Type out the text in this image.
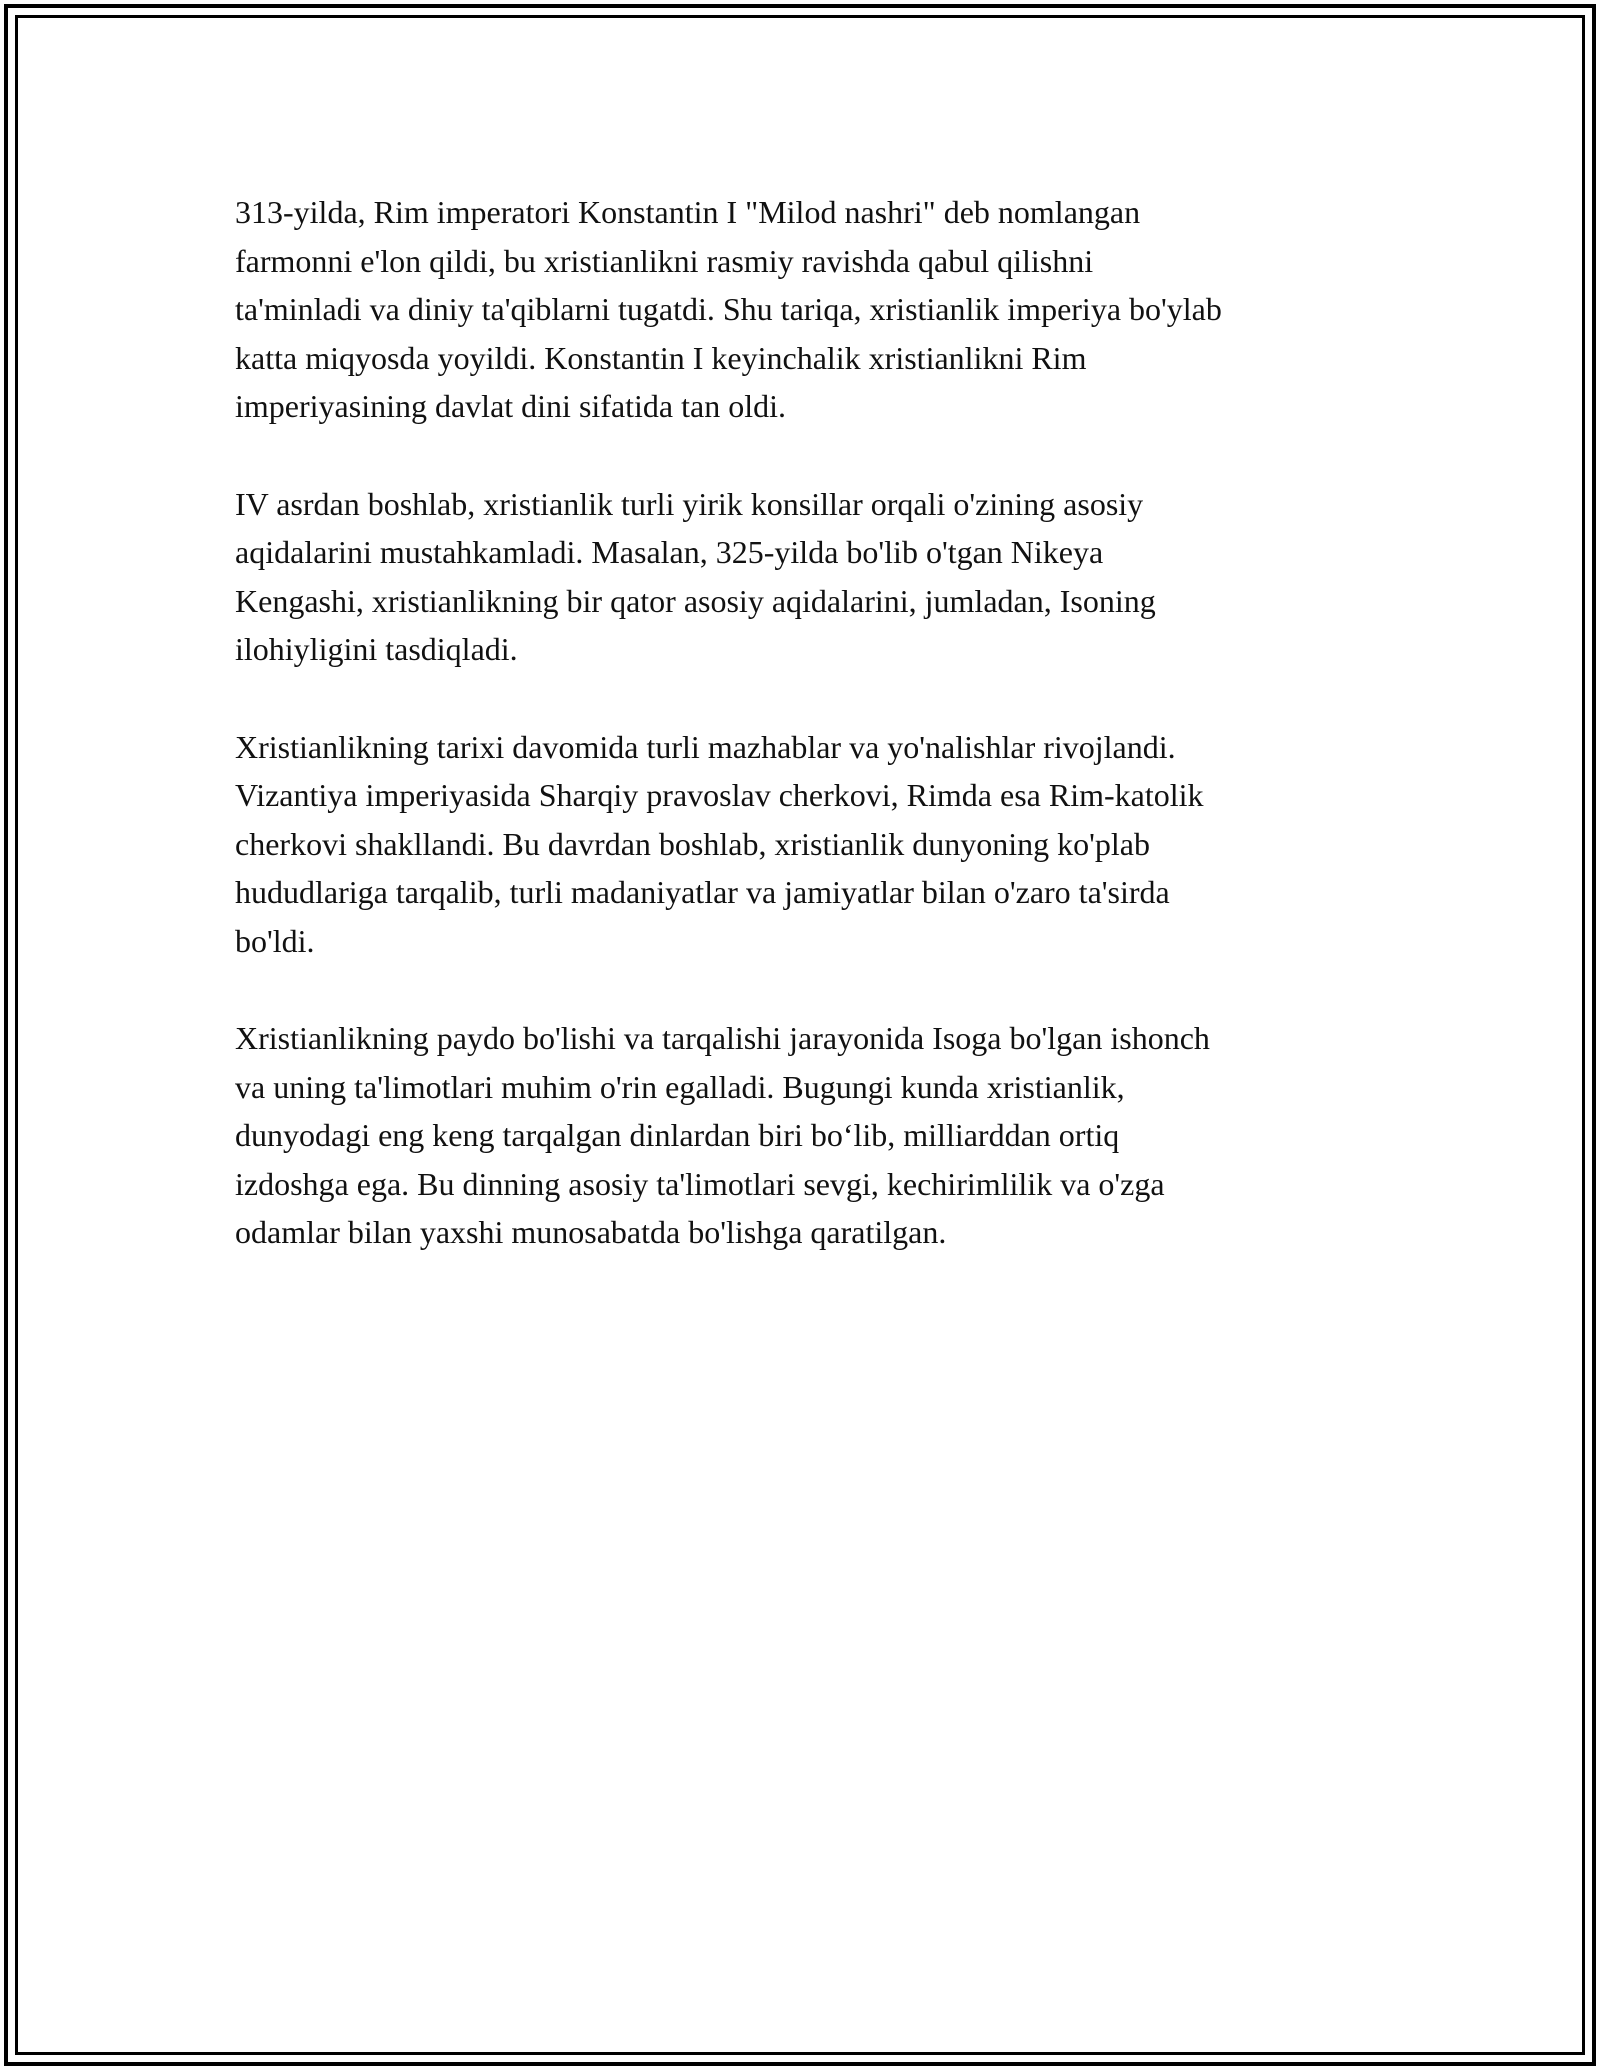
313-yilda, Rim imperatori Konstantin I "Milod nashri" deb nomlangan
farmonni e'lon qildi, bu xristianlikni rasmiy ravishda qabul qilishni
ta'minladi va diniy ta'qiblarni tugatdi. Shu tariqa, xristianlik imperiya bo'ylab
katta miqyosda yoyildi. Konstantin I keyinchalik xristianlikni Rim
imperiyasining davlat dini sifatida tan oldi.

IV asrdan boshlab, xristianlik turli yirik konsillar orqali o'zining asosiy
aqidalarini mustahkamladi. Masalan, 325-yilda bo'lib o'tgan Nikeya
Kengashi, xristianlikning bir qator asosiy aqidalarini, jumladan, Isoning
ilohiyligini tasdiqladi.

Xristianlikning tarixi davomida turli mazhablar va yo'nalishlar rivojlandi.
Vizantiya imperiyasida Sharqiy pravoslav cherkovi, Rimda esa Rim-katolik
cherkovi shakllandi. Bu davrdan boshlab, xristianlik dunyoning ko'plab
hududlariga tarqalib, turli madaniyatlar va jamiyatlar bilan o'zaro ta'sirda
bo'ldi.

Xristianlikning paydo bo'lishi va tarqalishi jarayonida Isoga bo'lgan ishonch
va uning ta'limotlari muhim o'rin egalladi. Bugungi kunda xristianlik,
dunyodagi eng keng tarqalgan dinlardan biri bo‘lib, milliarddan ortiq
izdoshga ega. Bu dinning asosiy ta'limotlari sevgi, kechirimlilik va o'zga
odamlar bilan yaxshi munosabatda bo'lishga qaratilgan.
